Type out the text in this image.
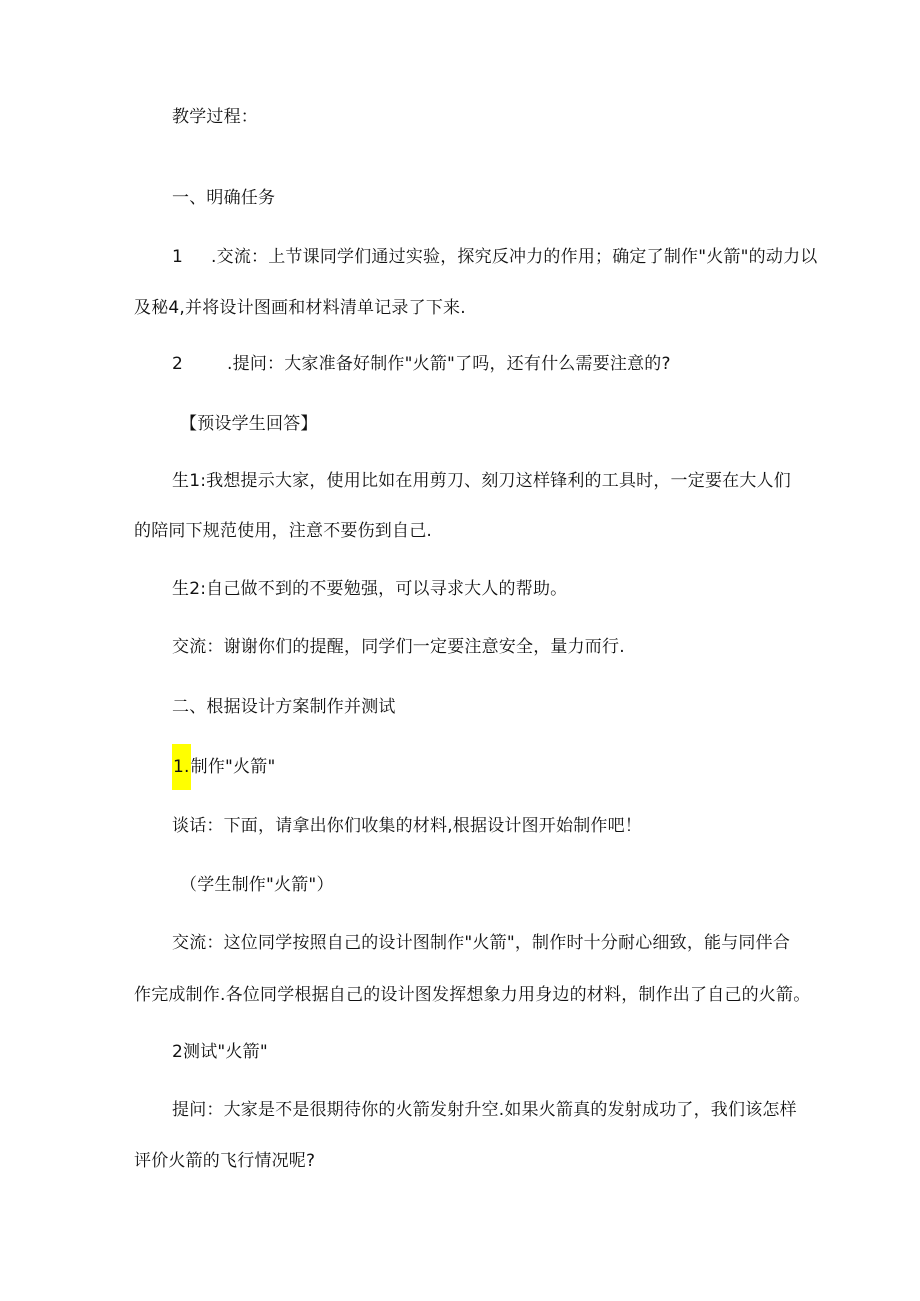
教学过程：
一、明确任务
1 .交流：上节课同学们通过实验，探究反冲力的作用；确定了制作"火箭"的动力以
及秘4,并将设计图画和材料清单记录了下来.
2	.提问：大家准备好制作"火箭"了吗，还有什么需要注意的?
【预设学生回答】
生1:我想提示大家，使用比如在用剪刀、刻刀这样锋利的工具时，一定要在大人们
的陪同下规范使用，注意不要伤到自己.
生2:自己做不到的不要勉强，可以寻求大人的帮助。
交流：谢谢你们的提醒，同学们一定要注意安全，量力而行.
二、根据设计方案制作并测试
1.制作"火箭"
谈话：下面，请拿出你们收集的材料,根据设计图开始制作吧！
（学生制作"火箭"）
交流：这位同学按照自己的设计图制作"火箭"，制作时十分耐心细致，能与同伴合
作完成制作.各位同学根据自己的设计图发挥想象力用身边的材料，制作出了自己的火箭。
2测试"火箭"
提问：大家是不是很期待你的火箭发射升空.如果火箭真的发射成功了，我们该怎样
评价火箭的飞行情况呢?
